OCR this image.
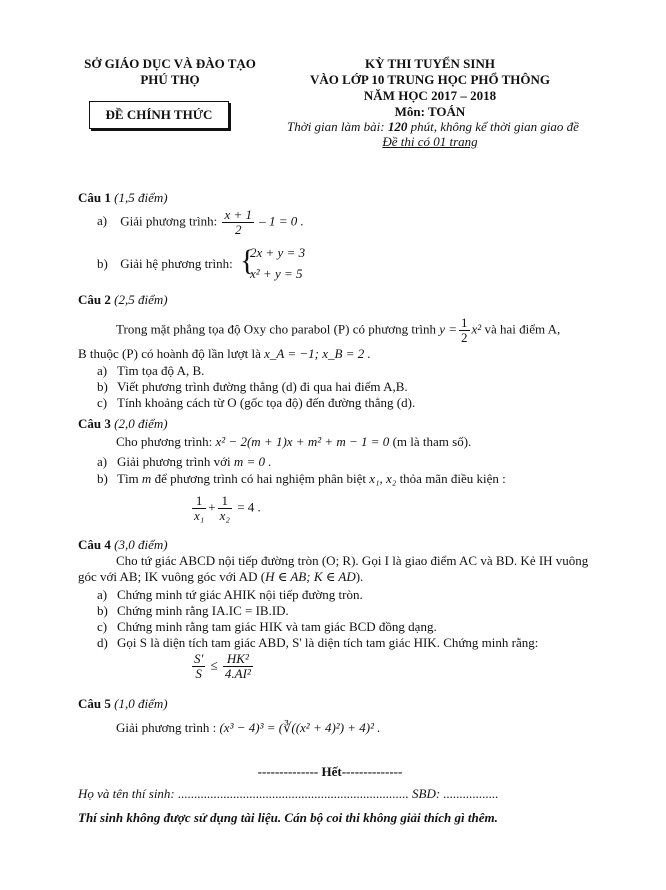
SỞ GIÁO DỤC VÀ ĐÀO TẠO
PHÚ THỌ
ĐỀ CHÍNH THỨC
KỲ THI TUYỂN SINH
VÀO LỚP 10 TRUNG HỌC PHỔ THÔNG
NĂM HỌC 2017 – 2018
Môn: TOÁN
Thời gian làm bài: 120 phút, không kể thời gian giao đề
Đề thi có 01 trang
Câu 1 (1,5 điểm)
a) Giải phương trình: $\frac{x + 1}{2} - 1 = 0$ .
b) Giải hệ phương trình: {
2x + y = 3
x² + y = 5
Câu 2 (2,5 điểm)
Trong mặt phẳng tọa độ Oxy cho parabol (P) có phương trình $y = \frac{1}{2} x^2$ và hai điểm A,
B thuộc (P) có hoành độ lần lượt là x_A = −1; x_B = 2 .
a) Tìm tọa độ A, B.
b) Viết phương trình đường thẳng (d) đi qua hai điểm A,B.
c) Tính khoảng cách từ O (gốc tọa độ) đến đường thẳng (d).
Câu 3 (2,0 điểm)
Cho phương trình: x² − 2(m + 1)x + m² + m − 1 = 0 (m là tham số).
a) Giải phương trình với m = 0 .
b) Tìm m để phương trình có hai nghiệm phân biệt x₁, x₂ thỏa mãn điều kiện :
$\frac{1}{\text{x₁}} + \frac{1}{\text{x₂}} = 4$ .
Câu 4 (3,0 điểm)
Cho tứ giác ABCD nội tiếp đường tròn (O; R). Gọi I là giao điểm AC và BD. Kẻ IH vuông
góc với AB; IK vuông góc với AD (H ∈ AB; K ∈ AD).
a) Chứng minh tứ giác AHIK nội tiếp đường tròn.
b) Chứng minh rằng IA.IC = IB.ID.
c) Chứng minh rằng tam giác HIK và tam giác BCD đồng dạng.
d) Gọi S là diện tích tam giác ABD, S' là diện tích tam giác HIK. Chứng minh rằng:
$\frac{S'}{S} \le \frac{\text{HK²}}{\text{4.AI²}}$
Câu 5 (1,0 điểm)
Giải phương trình : (x³ − 4)³ = (∛((x² + 4)²) + 4)² .
-------------- Hết--------------
Họ và tên thí sinh: ....................................................................... SBD: .................
Thí sinh không được sử dụng tài liệu. Cán bộ coi thi không giải thích gì thêm.
